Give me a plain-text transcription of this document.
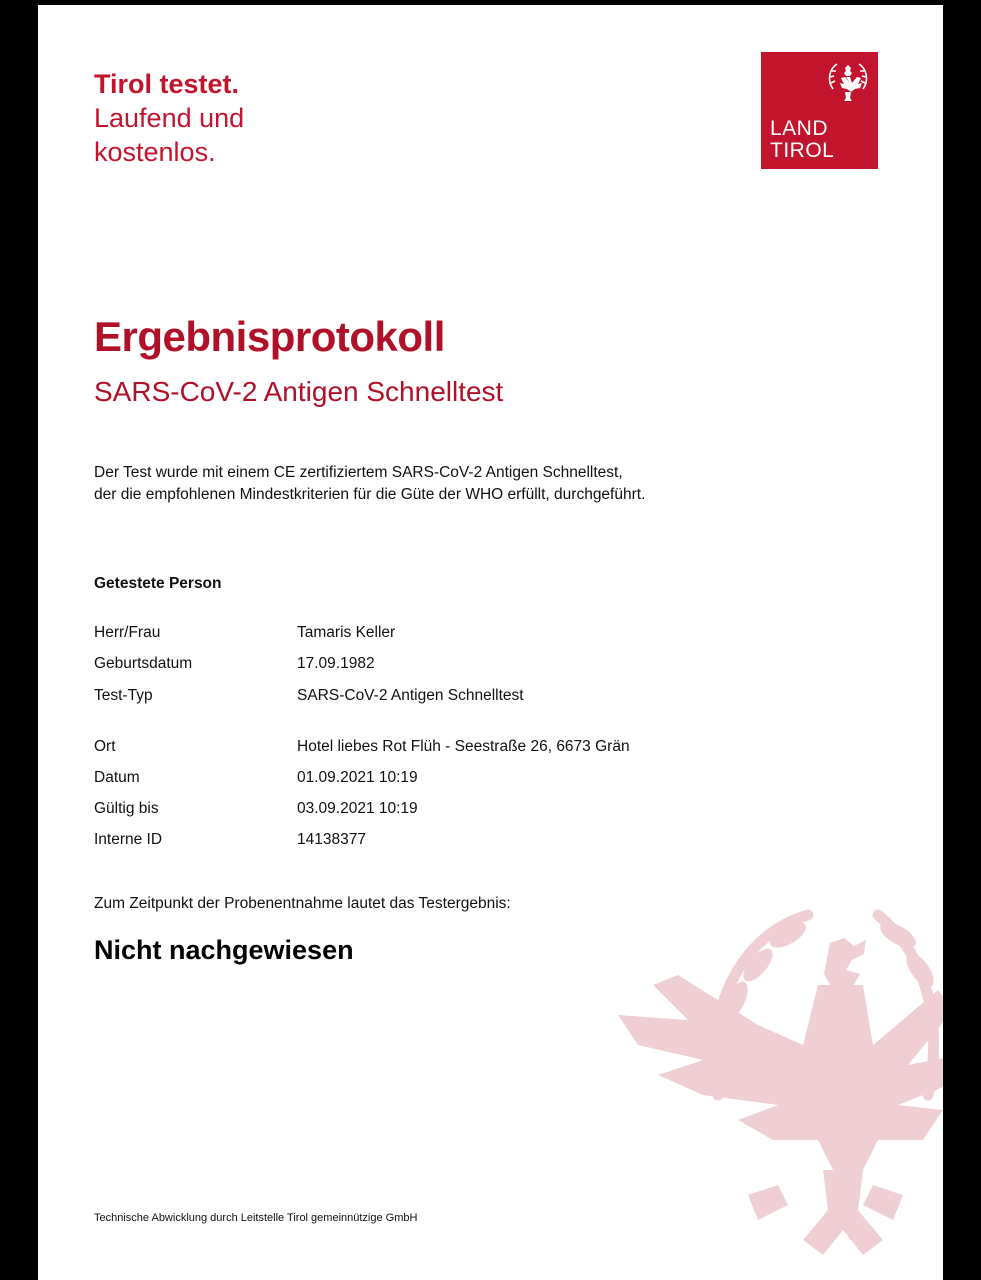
Tirol testet.
Laufend und
kostenlos.
LAND
TIROL
Ergebnisprotokoll
SARS-CoV-2 Antigen Schnelltest
Der Test wurde mit einem CE zertifiziertem SARS-CoV-2 Antigen Schnelltest,
der die empfohlenen Mindestkriterien für die Güte der WHO erfüllt, durchgeführt.
Getestete Person
Herr/Frau	Tamaris Keller
Geburtsdatum	17.09.1982
Test-Typ	SARS-CoV-2 Antigen Schnelltest
Ort	Hotel liebes Rot Flüh - Seestraße 26, 6673 Grän
Datum	01.09.2021 10:19
Gültig bis	03.09.2021 10:19
Interne ID	14138377
Zum Zeitpunkt der Probenentnahme lautet das Testergebnis:
Nicht nachgewiesen
Technische Abwicklung durch Leitstelle Tirol gemeinnützige GmbH
